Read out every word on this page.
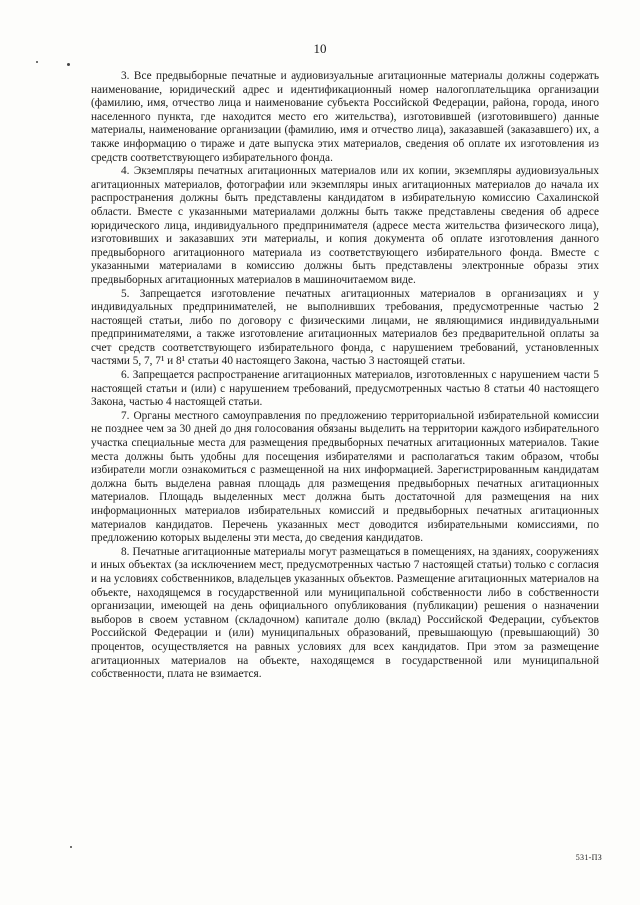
10

3. Все предвыборные печатные и аудиовизуальные агитационные материалы должны содержать наименование, юридический адрес и идентификационный номер налогоплательщика организации (фамилию, имя, отчество лица и наименование субъекта Российской Федерации, района, города, иного населенного пункта, где находится место его жительства), изготовившей (изготовившего) данные материалы, наименование организации (фамилию, имя и отчество лица), заказавшей (заказавшего) их, а также информацию о тираже и дате выпуска этих материалов, сведения об оплате их изготовления из средств соответствующего избирательного фонда.

4. Экземпляры печатных агитационных материалов или их копии, экземпляры аудиовизуальных агитационных материалов, фотографии или экземпляры иных агитационных материалов до начала их распространения должны быть представлены кандидатом в избирательную комиссию Сахалинской области. Вместе с указанными материалами должны быть также представлены сведения об адресе юридического лица, индивидуального предпринимателя (адресе места жительства физического лица), изготовивших и заказавших эти материалы, и копия документа об оплате изготовления данного предвыборного агитационного материала из соответствующего избирательного фонда. Вместе с указанными материалами в комиссию должны быть представлены электронные образы этих предвыборных агитационных материалов в машиночитаемом виде.

5. Запрещается изготовление печатных агитационных материалов в организациях и у индивидуальных предпринимателей, не выполнивших требования, предусмотренные частью 2 настоящей статьи, либо по договору с физическими лицами, не являющимися индивидуальными предпринимателями, а также изготовление агитационных материалов без предварительной оплаты за счет средств соответствующего избирательного фонда, с нарушением требований, установленных частями 5, 7, 7¹ и 8¹ статьи 40 настоящего Закона, частью 3 настоящей статьи.

6. Запрещается распространение агитационных материалов, изготовленных с нарушением части 5 настоящей статьи и (или) с нарушением требований, предусмотренных частью 8 статьи 40 настоящего Закона, частью 4 настоящей статьи.

7. Органы местного самоуправления по предложению территориальной избирательной комиссии не позднее чем за 30 дней до дня голосования обязаны выделить на территории каждого избирательного участка специальные места для размещения предвыборных печатных агитационных материалов. Такие места должны быть удобны для посещения избирателями и располагаться таким образом, чтобы избиратели могли ознакомиться с размещенной на них информацией. Зарегистрированным кандидатам должна быть выделена равная площадь для размещения предвыборных печатных агитационных материалов. Площадь выделенных мест должна быть достаточной для размещения на них информационных материалов избирательных комиссий и предвыборных печатных агитационных материалов кандидатов. Перечень указанных мест доводится избирательными комиссиями, по предложению которых выделены эти места, до сведения кандидатов.

8. Печатные агитационные материалы могут размещаться в помещениях, на зданиях, сооружениях и иных объектах (за исключением мест, предусмотренных частью 7 настоящей статьи) только с согласия и на условиях собственников, владельцев указанных объектов. Размещение агитационных материалов на объекте, находящемся в государственной или муниципальной собственности либо в собственности организации, имеющей на день официального опубликования (публикации) решения о назначении выборов в своем уставном (складочном) капитале долю (вклад) Российской Федерации, субъектов Российской Федерации и (или) муниципальных образований, превышающую (превышающий) 30 процентов, осуществляется на равных условиях для всех кандидатов. При этом за размещение агитационных материалов на объекте, находящемся в государственной или муниципальной собственности, плата не взимается.

531-ПЗ
